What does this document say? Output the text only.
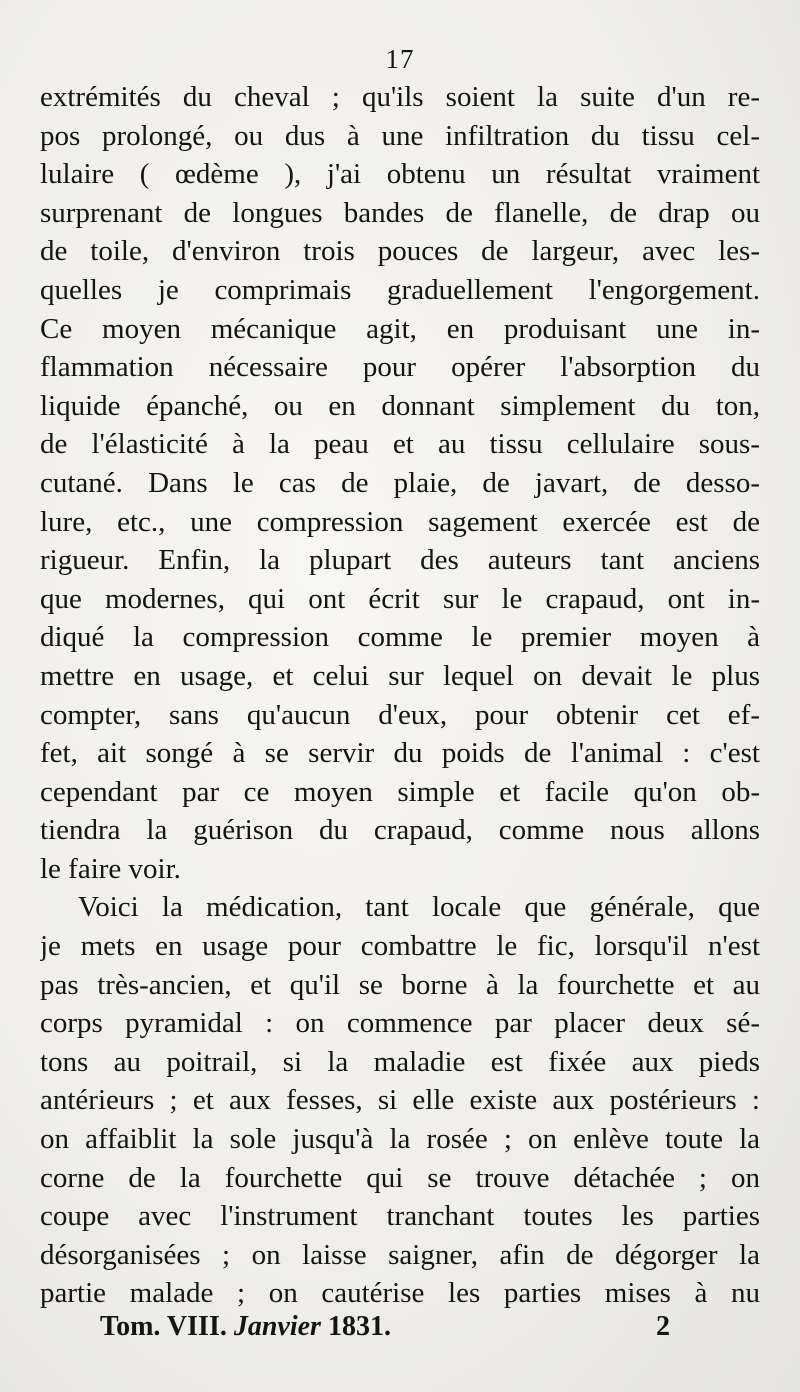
17
extrémités du cheval ; qu'ils soient la suite d'un re-
pos prolongé, ou dus à une infiltration du tissu cel-
lulaire ( œdème ), j'ai obtenu un résultat vraiment
surprenant de longues bandes de flanelle, de drap ou
de toile, d'environ trois pouces de largeur, avec les-
quelles je comprimais graduellement l'engorgement.
Ce moyen mécanique agit, en produisant une in-
flammation nécessaire pour opérer l'absorption du
liquide épanché, ou en donnant simplement du ton,
de l'élasticité à la peau et au tissu cellulaire sous-
cutané. Dans le cas de plaie, de javart, de desso-
lure, etc., une compression sagement exercée est de
rigueur. Enfin, la plupart des auteurs tant anciens
que modernes, qui ont écrit sur le crapaud, ont in-
diqué la compression comme le premier moyen à
mettre en usage, et celui sur lequel on devait le plus
compter, sans qu'aucun d'eux, pour obtenir cet ef-
fet, ait songé à se servir du poids de l'animal : c'est
cependant par ce moyen simple et facile qu'on ob-
tiendra la guérison du crapaud, comme nous allons
le faire voir.
Voici la médication, tant locale que générale, que
je mets en usage pour combattre le fic, lorsqu'il n'est
pas très-ancien, et qu'il se borne à la fourchette et au
corps pyramidal : on commence par placer deux sé-
tons au poitrail, si la maladie est fixée aux pieds
antérieurs ; et aux fesses, si elle existe aux postérieurs :
on affaiblit la sole jusqu'à la rosée ; on enlève toute la
corne de la fourchette qui se trouve détachée ; on
coupe avec l'instrument tranchant toutes les parties
désorganisées ; on laisse saigner, afin de dégorger la
partie malade ; on cautérise les parties mises à nu
Tom. VIII. Janvier 1831.	2
